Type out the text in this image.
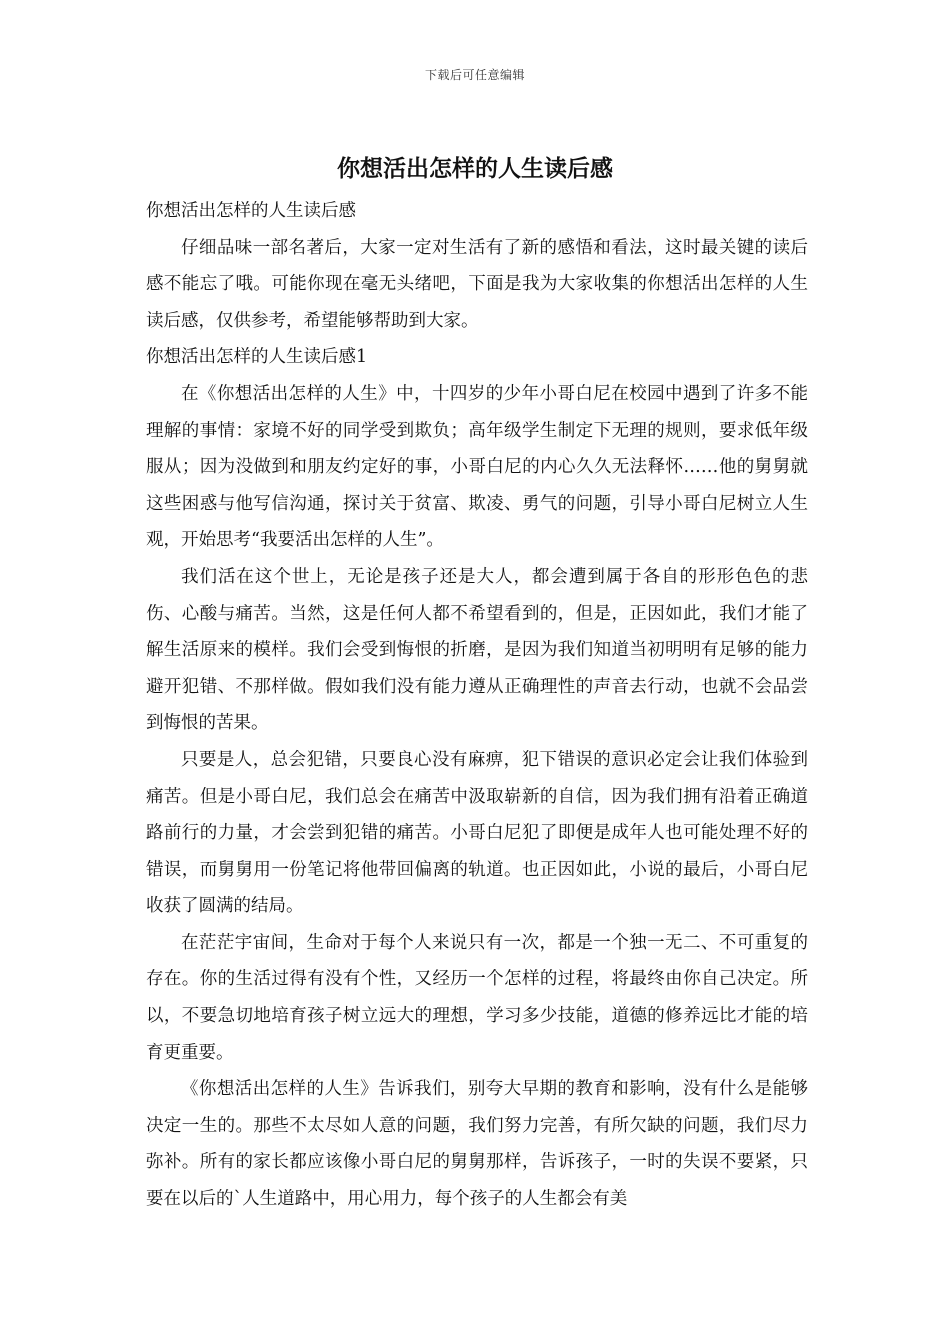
下载后可任意编辑
你想活出怎样的人生读后感

你想活出怎样的人生读后感

仔细品味一部名著后，大家一定对生活有了新的感悟和看法，这时最关键的读后感不能忘了哦。可能你现在毫无头绪吧，下面是我为大家收集的你想活出怎样的人生读后感，仅供参考，希望能够帮助到大家。

你想活出怎样的人生读后感1

在《你想活出怎样的人生》中，十四岁的少年小哥白尼在校园中遇到了许多不能理解的事情：家境不好的同学受到欺负；高年级学生制定下无理的规则，要求低年级服从；因为没做到和朋友约定好的事，小哥白尼的内心久久无法释怀……他的舅舅就这些困惑与他写信沟通，探讨关于贫富、欺凌、勇气的问题，引导小哥白尼树立人生观，开始思考“我要活出怎样的人生”。

我们活在这个世上，无论是孩子还是大人，都会遭到属于各自的形形色色的悲伤、心酸与痛苦。当然，这是任何人都不希望看到的，但是，正因如此，我们才能了解生活原来的模样。我们会受到悔恨的折磨，是因为我们知道当初明明有足够的能力避开犯错、不那样做。假如我们没有能力遵从正确理性的声音去行动，也就不会品尝到悔恨的苦果。

只要是人，总会犯错，只要良心没有麻痹，犯下错误的意识必定会让我们体验到痛苦。但是小哥白尼，我们总会在痛苦中汲取崭新的自信，因为我们拥有沿着正确道路前行的力量，才会尝到犯错的痛苦。小哥白尼犯了即便是成年人也可能处理不好的错误，而舅舅用一份笔记将他带回偏离的轨道。也正因如此，小说的最后，小哥白尼收获了圆满的结局。

在茫茫宇宙间，生命对于每个人来说只有一次，都是一个独一无二、不可重复的存在。你的生活过得有没有个性，又经历一个怎样的过程，将最终由你自己决定。所以，不要急切地培育孩子树立远大的理想，学习多少技能，道德的修养远比才能的培育更重要。

《你想活出怎样的人生》告诉我们，别夸大早期的教育和影响，没有什么是能够决定一生的。那些不太尽如人意的问题，我们努力完善，有所欠缺的问题，我们尽力弥补。所有的家长都应该像小哥白尼的舅舅那样，告诉孩子，一时的失误不要紧，只要在以后的`人生道路中，用心用力，每个孩子的人生都会有美
